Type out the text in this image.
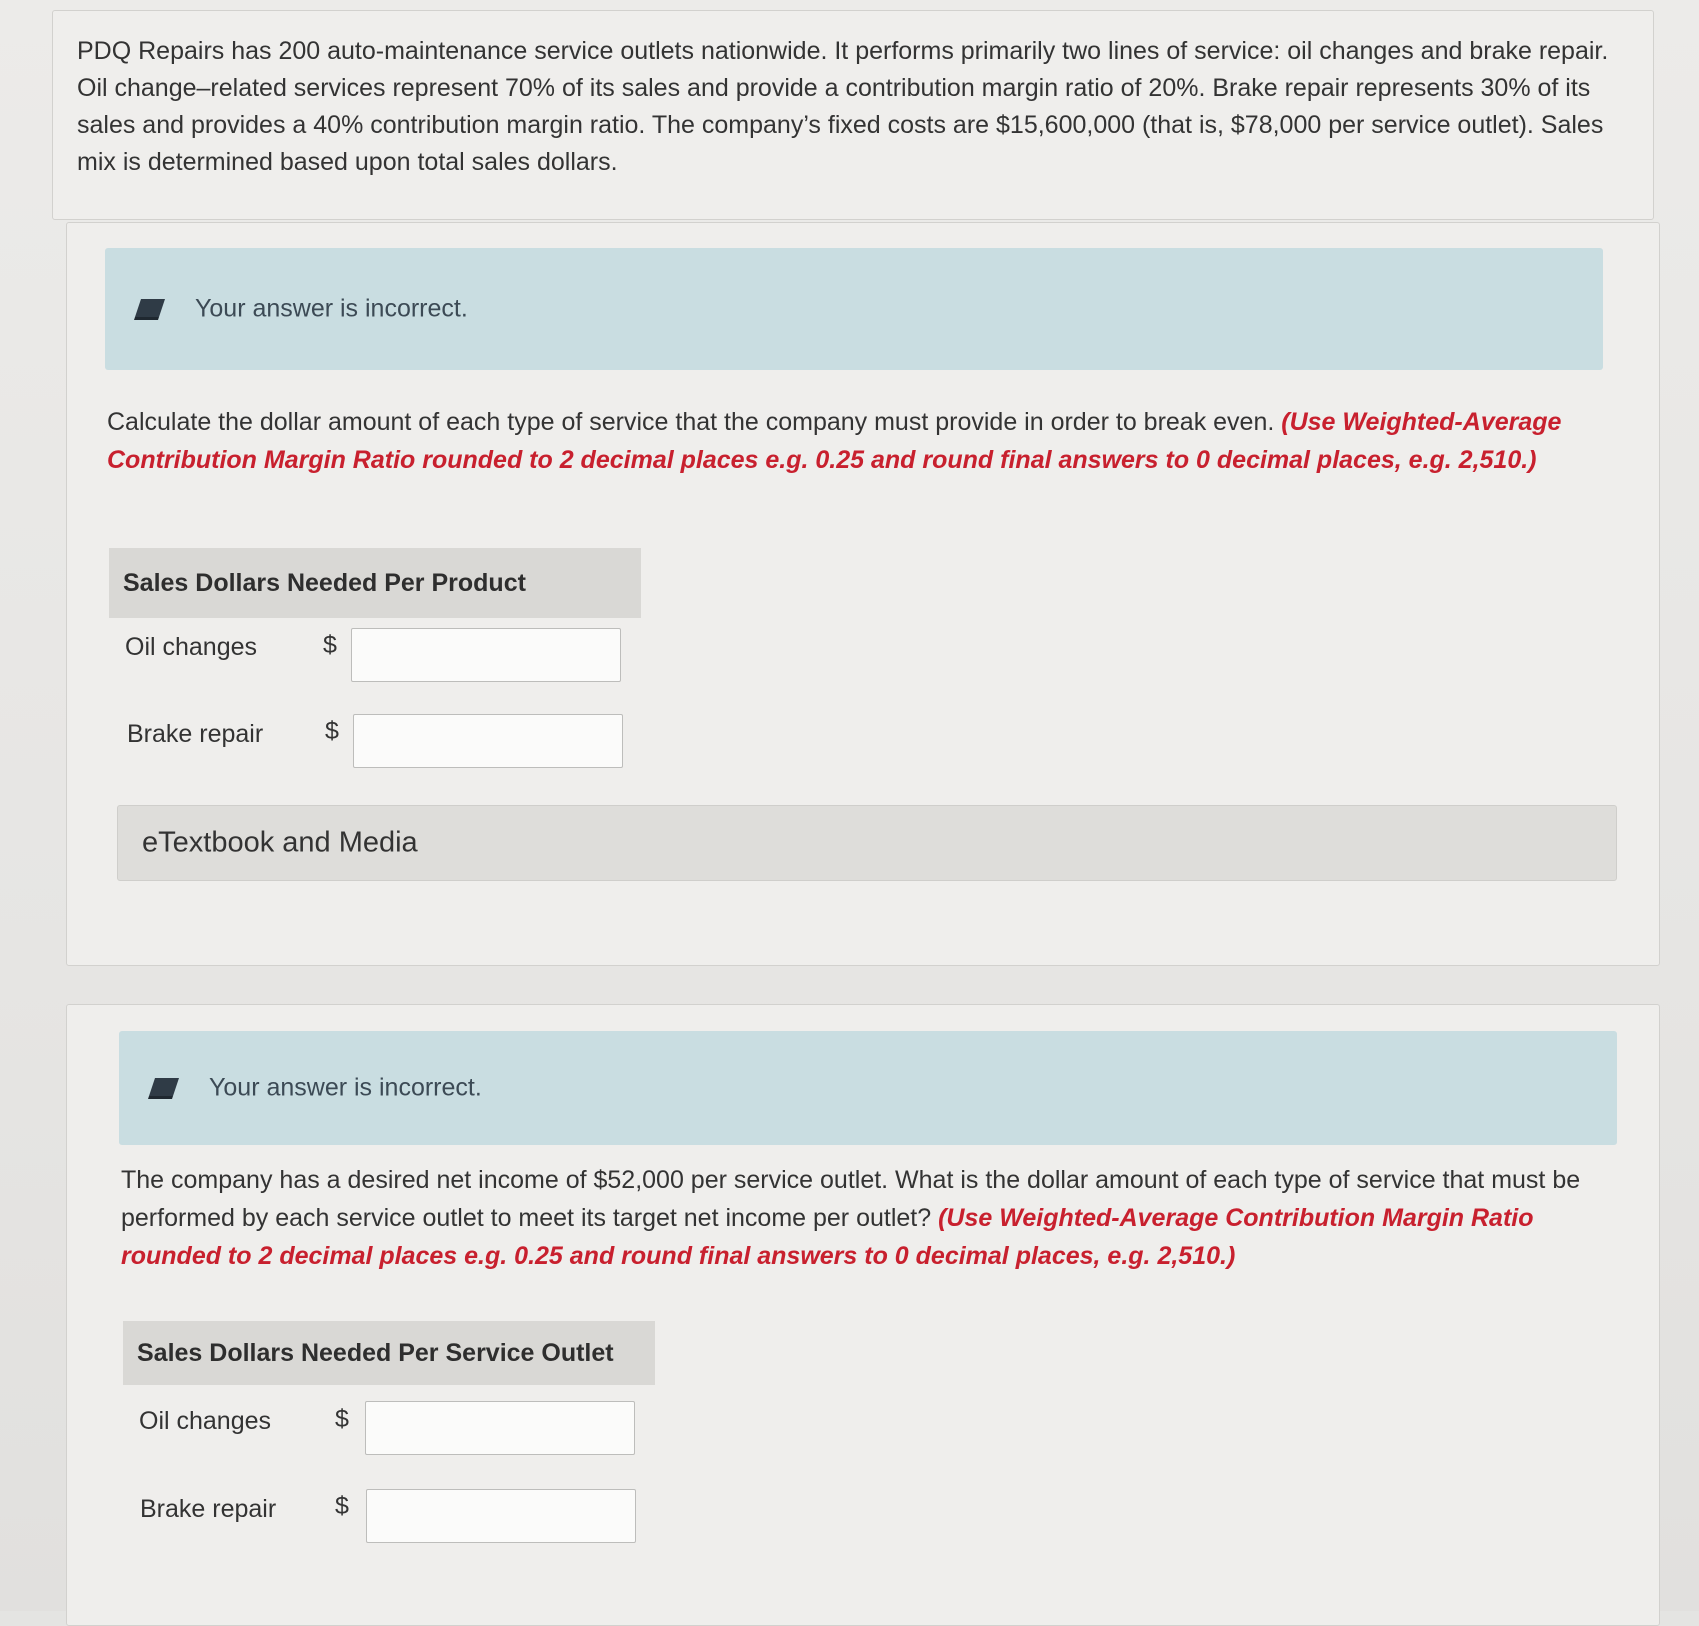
PDQ Repairs has 200 auto-maintenance service outlets nationwide. It performs primarily two lines of service: oil changes and brake repair. Oil change–related services represent 70% of its sales and provide a contribution margin ratio of 20%. Brake repair represents 30% of its sales and provides a 40% contribution margin ratio. The company’s fixed costs are $15,600,000 (that is, $78,000 per service outlet). Sales mix is determined based upon total sales dollars.
Your answer is incorrect.
Calculate the dollar amount of each type of service that the company must provide in order to break even. (Use Weighted-Average Contribution Margin Ratio rounded to 2 decimal places e.g. 0.25 and round final answers to 0 decimal places, e.g. 2,510.)
Sales Dollars Needed Per Product
Oil changes	$
Brake repair $
eTextbook and Media
Your answer is incorrect.
The company has a desired net income of $52,000 per service outlet. What is the dollar amount of each type of service that must be performed by each service outlet to meet its target net income per outlet? (Use Weighted-Average Contribution Margin Ratio rounded to 2 decimal places e.g. 0.25 and round final answers to 0 decimal places, e.g. 2,510.)
Sales Dollars Needed Per Service Outlet
Oil changes	$
Brake repair $
